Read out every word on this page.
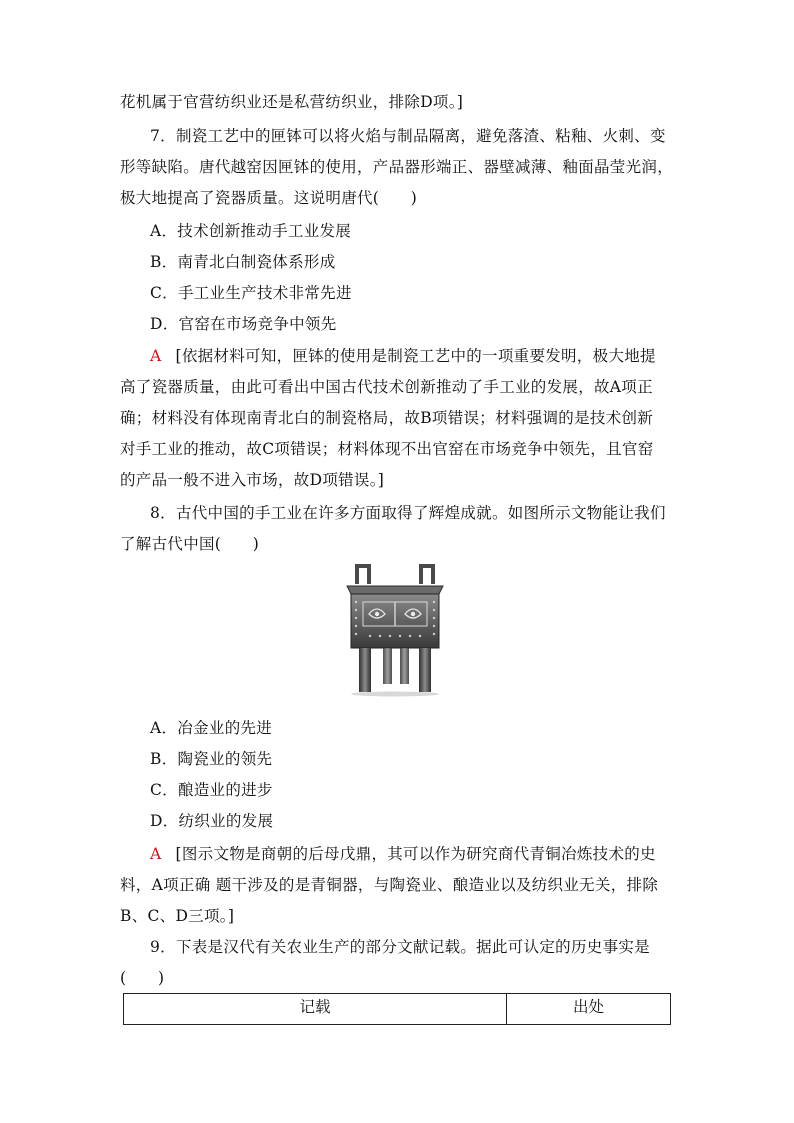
花机属于官营纺织业还是私营纺织业，排除D项。]
7．制瓷工艺中的匣钵可以将火焰与制品隔离，避免落渣、粘釉、火刺、变
形等缺陷。唐代越窑因匣钵的使用，产品器形端正、器壁减薄、釉面晶莹光润，
极大地提高了瓷器质量。这说明唐代(　　)
A．技术创新推动手工业发展
B．南青北白制瓷体系形成
C．手工业生产技术非常先进
D．官窑在市场竞争中领先
A [依据材料可知，匣钵的使用是制瓷工艺中的一项重要发明，极大地提
高了瓷器质量，由此可看出中国古代技术创新推动了手工业的发展，故A项正
确；材料没有体现南青北白的制瓷格局，故B项错误；材料强调的是技术创新
对手工业的推动，故C项错误；材料体现不出官窑在市场竞争中领先，且官窑
的产品一般不进入市场，故D项错误。]
8．古代中国的手工业在许多方面取得了辉煌成就。如图所示文物能让我们
了解古代中国(　　)
A．冶金业的先进
B．陶瓷业的领先
C．酿造业的进步
D．纺织业的发展
A [图示文物是商朝的后母戊鼎，其可以作为研究商代青铜冶炼技术的史
料，A项正确 题干涉及的是青铜器，与陶瓷业、酿造业以及纺织业无关，排除
B、C、D三项。]
9．下表是汉代有关农业生产的部分文献记载。据此可认定的历史事实是
(　　)
记载	出处
